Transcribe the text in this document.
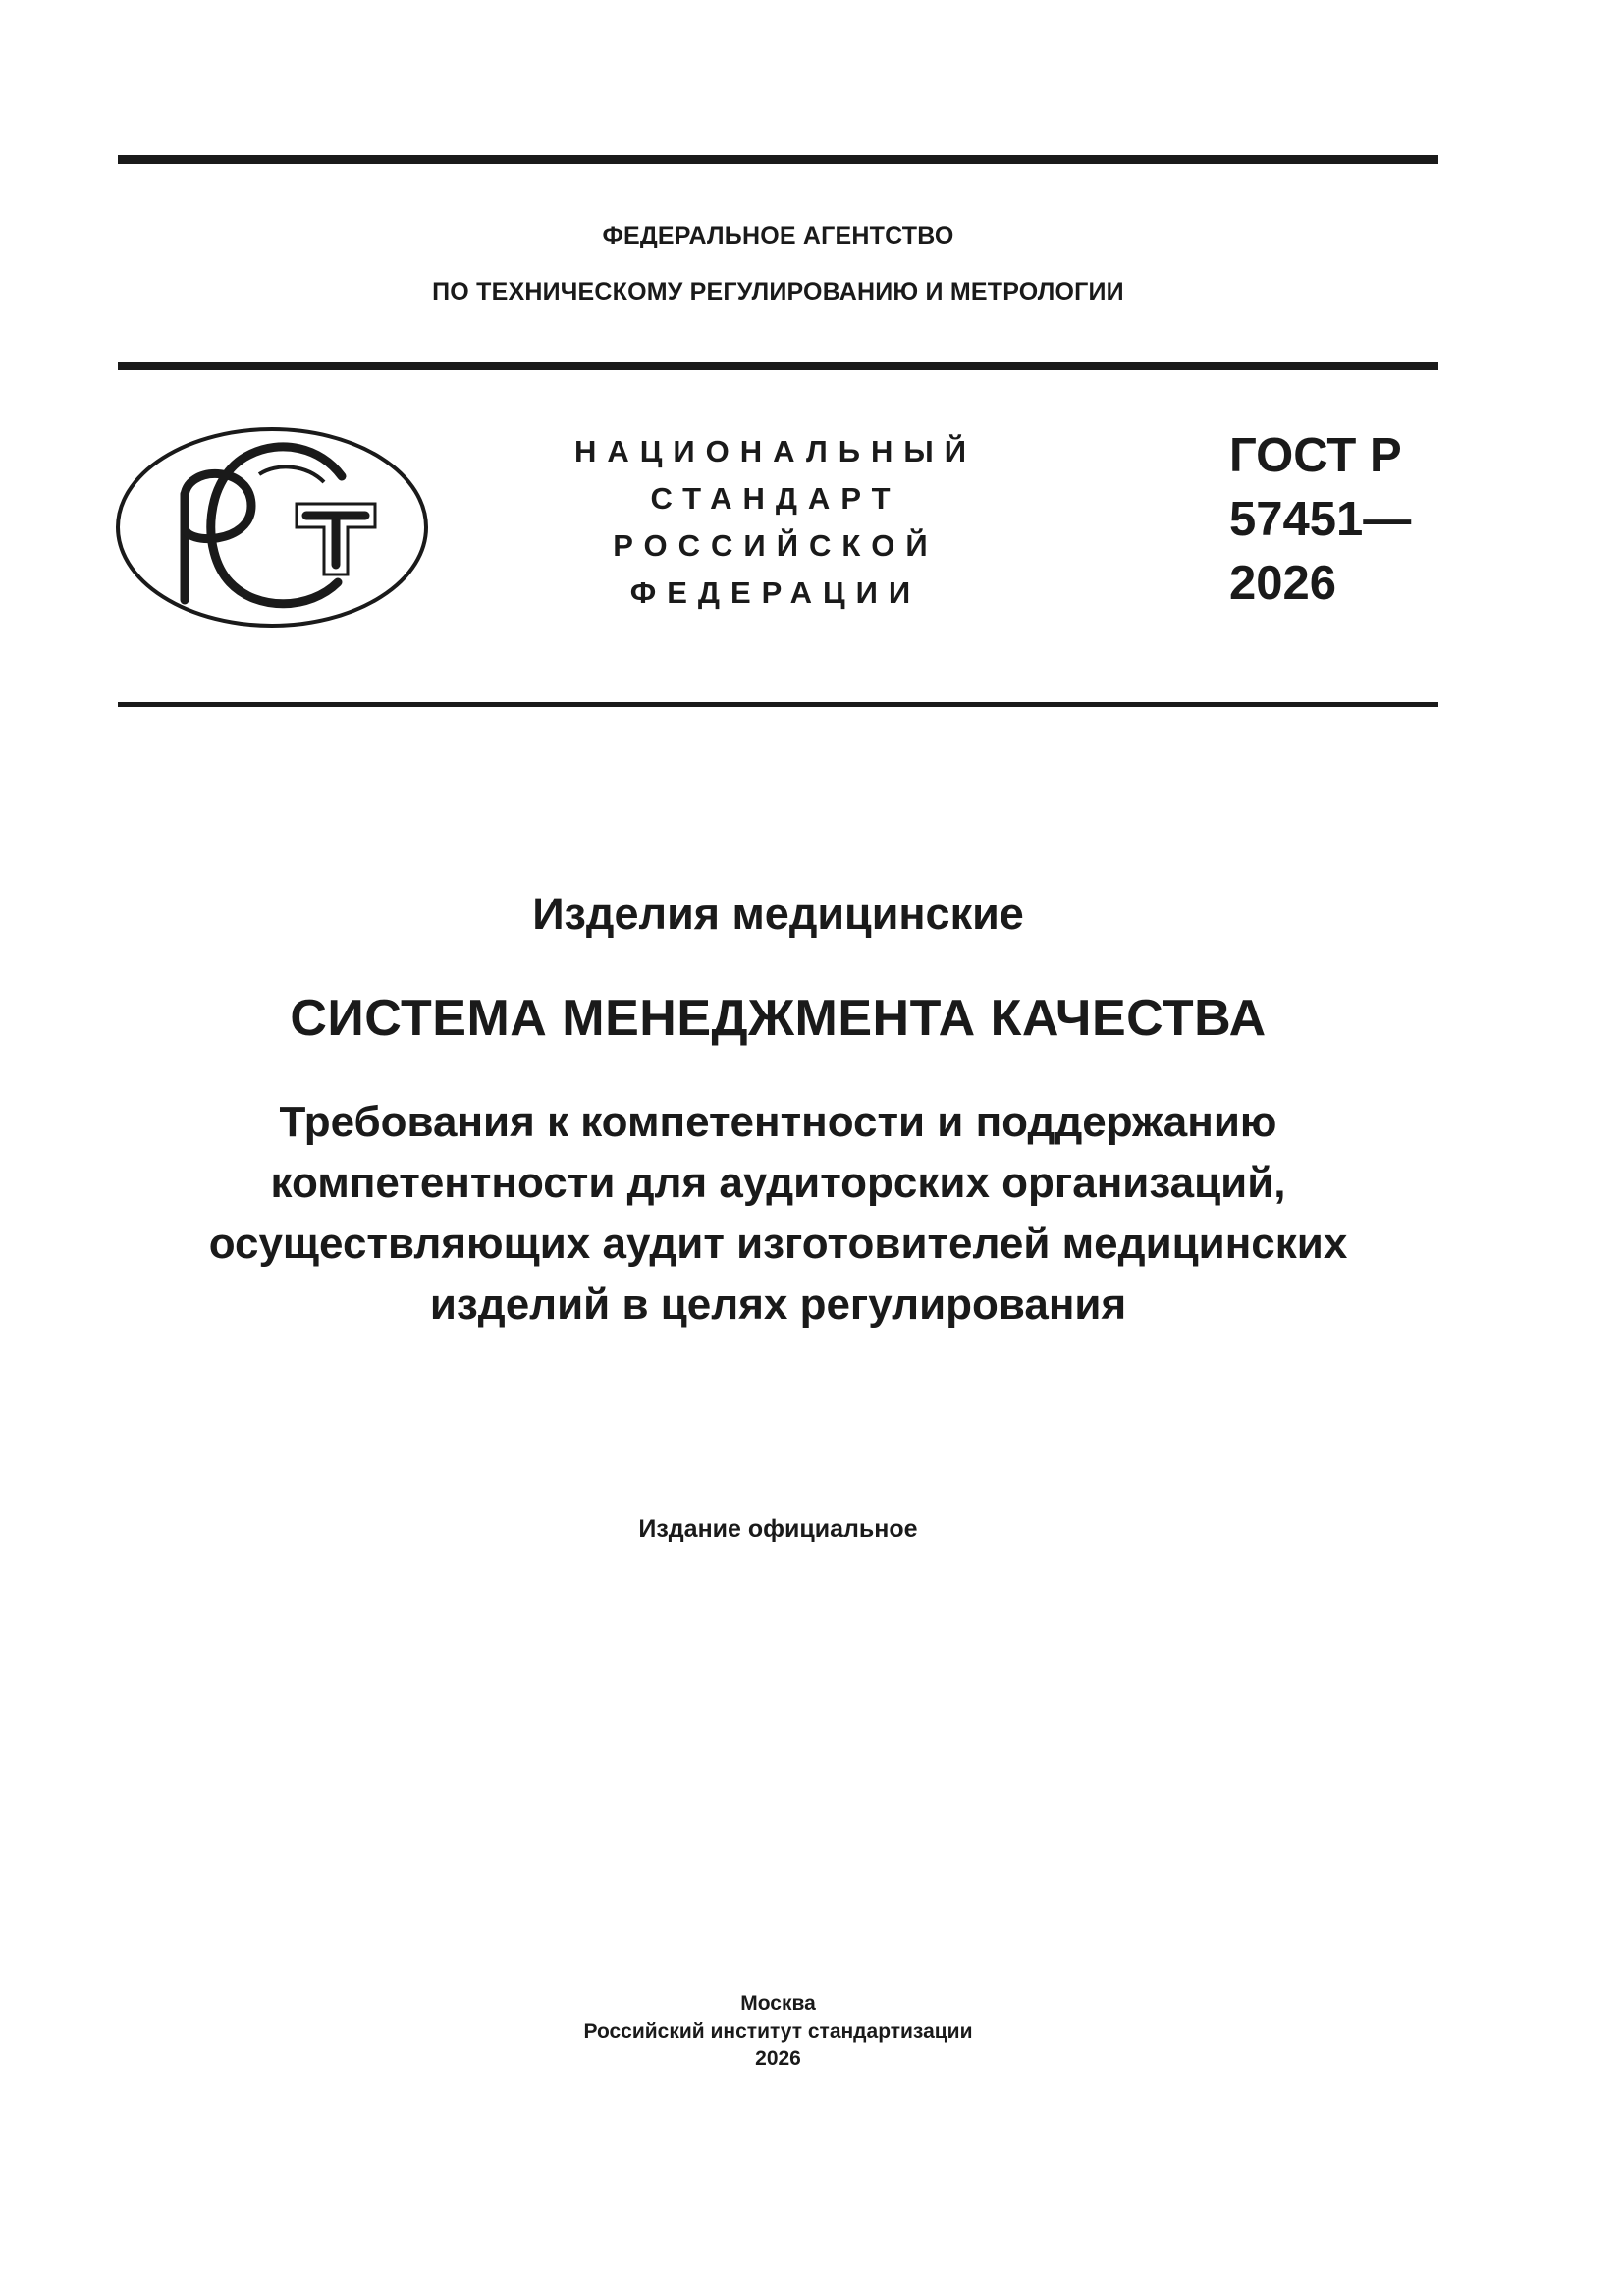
ФЕДЕРАЛЬНОЕ АГЕНТСТВО
ПО ТЕХНИЧЕСКОМУ РЕГУЛИРОВАНИЮ И МЕТРОЛОГИИ
НАЦИОНАЛЬНЫЙ
СТАНДАРТ
РОССИЙСКОЙ
ФЕДЕРАЦИИ
ГОСТ Р
57451—
2026
Изделия медицинские
СИСТЕМА МЕНЕДЖМЕНТА КАЧЕСТВА
Требования к компетентности и поддержанию
компетентности для аудиторских организаций,
осуществляющих аудит изготовителей медицинских
изделий в целях регулирования
Издание официальное
Москва
Российский институт стандартизации
2026
